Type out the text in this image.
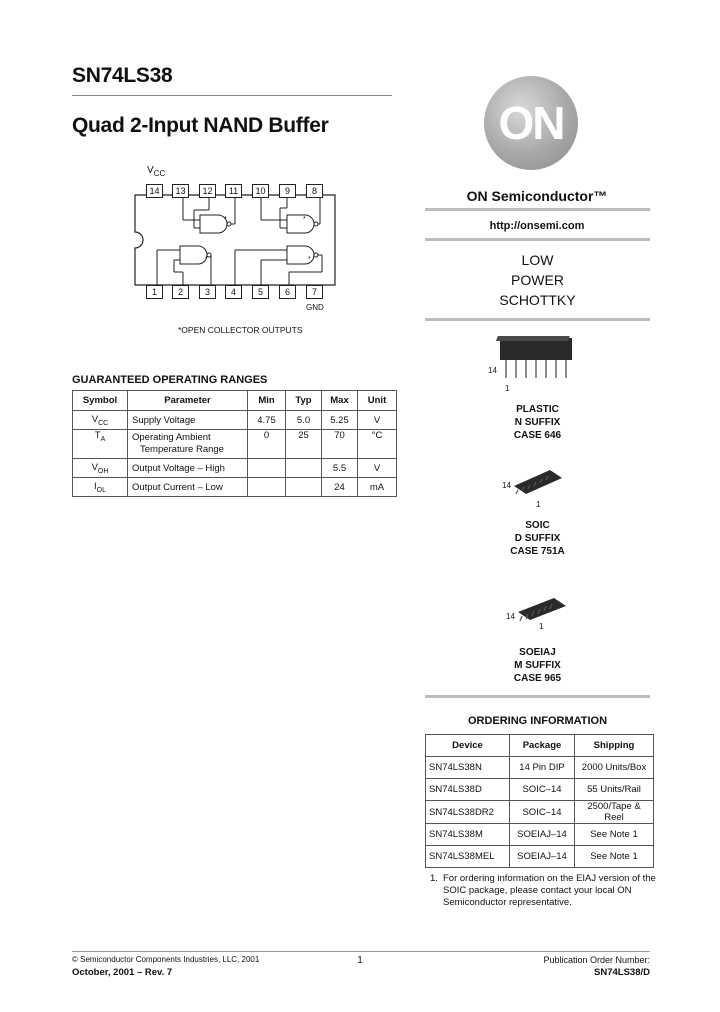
SN74LS38
Quad 2-Input NAND Buffer	ON
ON Semiconductor™
http://onsemi.com
LOW
POWER
SCHOTTKY
14
1
PLASTIC
N SUFFIX
CASE 646
14
1
SOIC
D SUFFIX
CASE 751A
14
1
SOEIAJ
M SUFFIX
CASE 965
$V_{CC}$
*	*
*	*
14	13	12	11	10	9	8
1	2	3	4	5	6	7
GND
*OPEN COLLECTOR OUTPUTS
GUARANTEED OPERATING RANGES
Symbol	Parameter	Min	Typ	Max	Unit
$V_{CC}$	Supply Voltage	4.75	5.0	5.25	V
$T_A$	Operating Ambient
Temperature Range	0	25	70	°C
$V_{OH}$	Output Voltage – High			5.5	V
$I_{OL}$	Output Current – Low			24	mA
ORDERING INFORMATION
Device	Package	Shipping
SN74LS38N	14 Pin DIP	2000 Units/Box
SN74LS38D	SOIC–14	55 Units/Rail
SN74LS38DR2	SOIC–14	2500/Tape & Reel
SN74LS38M	SOEIAJ–14	See Note 1
SN74LS38MEL	SOEIAJ–14	See Note 1
1. For ordering information on the EIAJ version of the SOIC package, please contact your local ON Semiconductor representative.
© Semiconductor Components Industries, LLC, 2001
October, 2001 – Rev. 7
1	Publication Order Number:
SN74LS38/D
